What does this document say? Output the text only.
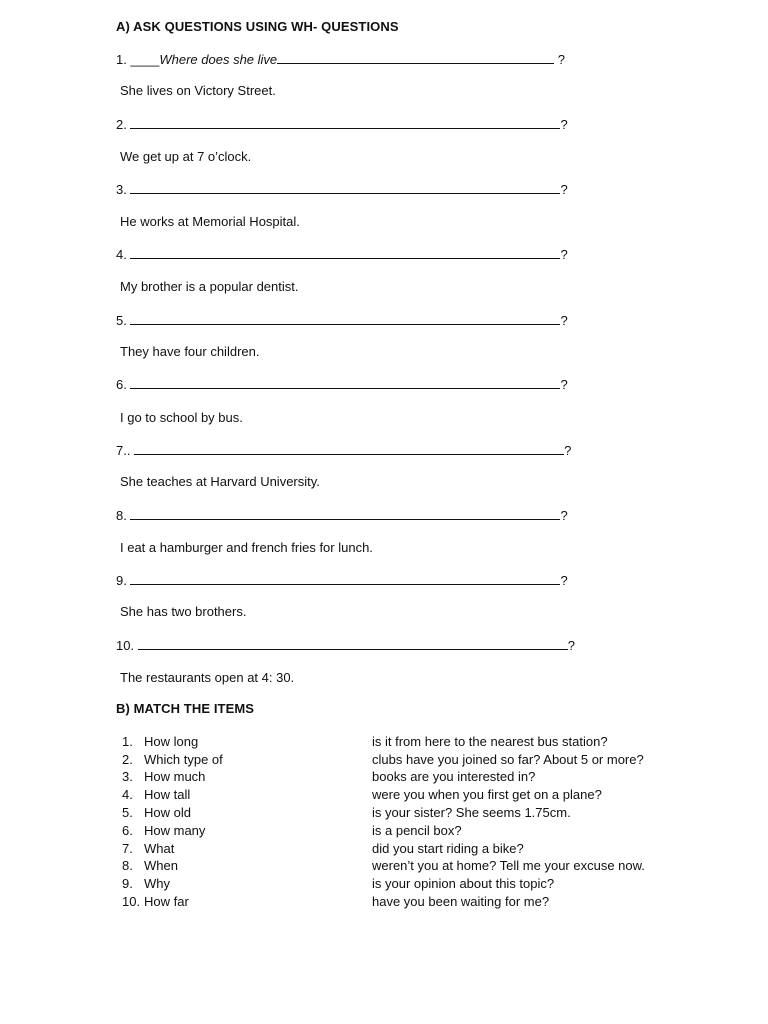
A) ASK QUESTIONS USING WH- QUESTIONS
1. ____Where does she live	?
She lives on Victory Street.
2.	?
We get up at 7 o’clock.
3.	?
He works at Memorial Hospital.
4.	?
My brother is a popular dentist.
5.	?
They have four children.
6.	?
I go to school by bus.
7..	?
She teaches at Harvard University.
8.	?
I eat a hamburger and french fries for lunch.
9.	?
She has two brothers.
10.	?
The restaurants open at 4: 30.
B) MATCH THE ITEMS
1. How long	is it from here to the nearest bus station?
2. Which type of	clubs have you joined so far? About 5 or more?
3. How much	books are you interested in?
4. How tall	were you when you first get on a plane?
5. How old	is your sister? She seems 1.75cm.
6. How many	is a pencil box?
7. What	did you start riding a bike?
8. When	weren’t you at home? Tell me your excuse now.
9. Why	is your opinion about this topic?
10. How far	have you been waiting for me?
